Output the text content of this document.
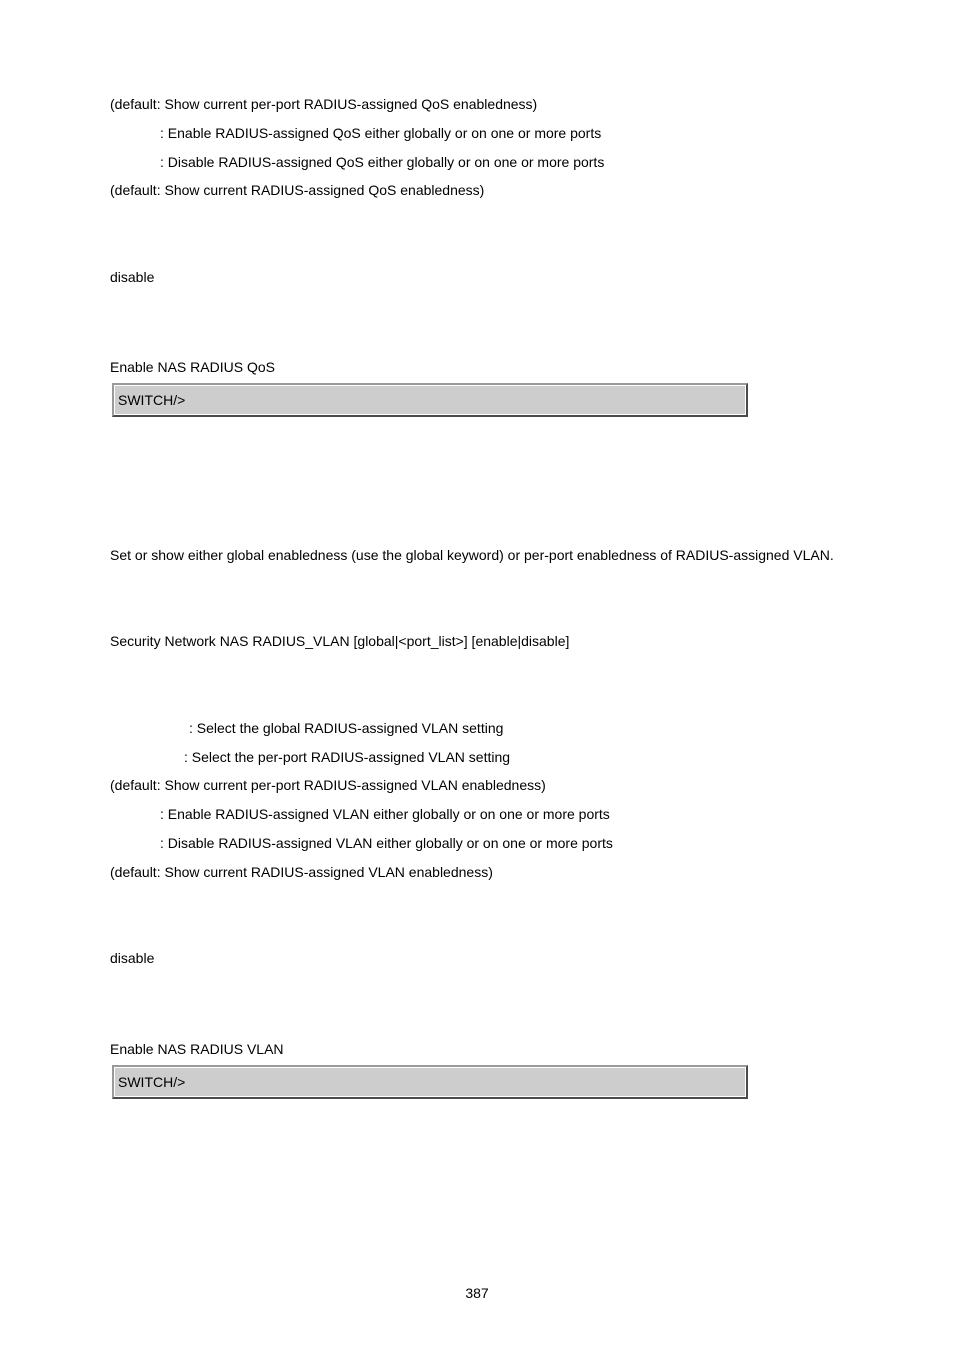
(default: Show current per-port RADIUS-assigned QoS enabledness)
: Enable RADIUS-assigned QoS either globally or on one or more ports
: Disable RADIUS-assigned QoS either globally or on one or more ports
(default: Show current RADIUS-assigned QoS enabledness)
disable
Enable NAS RADIUS QoS
SWITCH/>
Set or show either global enabledness (use the global keyword) or per-port enabledness of RADIUS-assigned VLAN.
Security Network NAS RADIUS_VLAN [global|<port_list>] [enable|disable]
: Select the global RADIUS-assigned VLAN setting
: Select the per-port RADIUS-assigned VLAN setting
(default: Show current per-port RADIUS-assigned VLAN enabledness)
: Enable RADIUS-assigned VLAN either globally or on one or more ports
: Disable RADIUS-assigned VLAN either globally or on one or more ports
(default: Show current RADIUS-assigned VLAN enabledness)
disable
Enable NAS RADIUS VLAN
SWITCH/>
387
